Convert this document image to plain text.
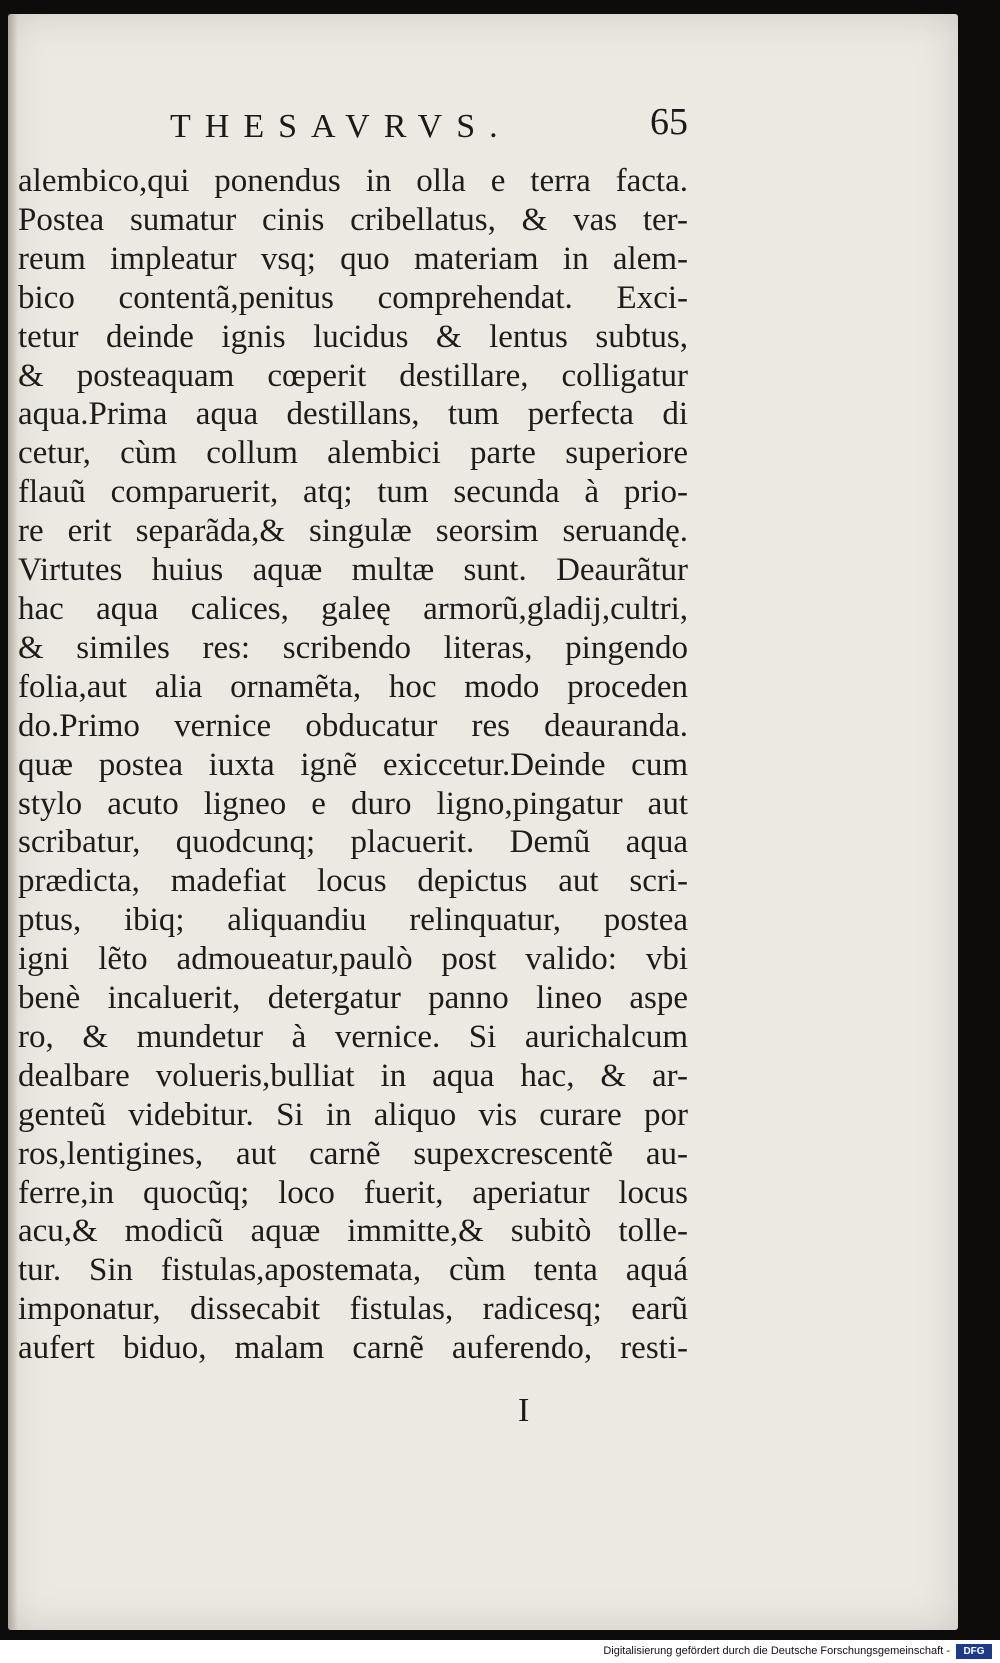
THESAVRVS.	65
alembico,qui ponendus in olla e terra facta.
Postea sumatur cinis cribellatus, & vas ter-
reum impleatur vsq; quo materiam in alem-
bico contentã,penitus comprehendat. Exci-
tetur deinde ignis lucidus & lentus subtus,
& posteaquam cœperit destillare, colligatur
aqua.Prima aqua destillans, tum perfecta di
cetur, cùm collum alembici parte superiore
flauũ comparuerit, atq; tum secunda à prio-
re erit separãda,& singulæ seorsim seruandę.
Virtutes huius aquæ multæ sunt. Deaurãtur
hac aqua calices, galeę armorũ,gladij,cultri,
& similes res: scribendo literas, pingendo
folia,aut alia ornamẽta, hoc modo proceden
do.Primo vernice obducatur res deauranda.
quæ postea iuxta ignẽ exiccetur.Deinde cum
stylo acuto ligneo e duro ligno,pingatur aut
scribatur, quodcunq; placuerit. Demũ aqua
prædicta, madefiat locus depictus aut scri-
ptus, ibiq; aliquandiu relinquatur, postea
igni lẽto admoueatur,paulò post valido: vbi
benè incaluerit, detergatur panno lineo aspe
ro, & mundetur à vernice. Si aurichalcum
dealbare volueris,bulliat in aqua hac, & ar-
genteũ videbitur. Si in aliquo vis curare por
ros,lentigines, aut carnẽ supexcrescentẽ au-
ferre,in quocũq; loco fuerit, aperiatur locus
acu,& modicũ aquæ immitte,& subitò tolle-
tur. Sin fistulas,apostemata, cùm tenta aquá
imponatur, dissecabit fistulas, radicesq; earũ
aufert biduo, malam carnẽ auferendo, resti-
I
Digitalisierung gefördert durch die Deutsche Forschungsgemeinschaft -	DFG
